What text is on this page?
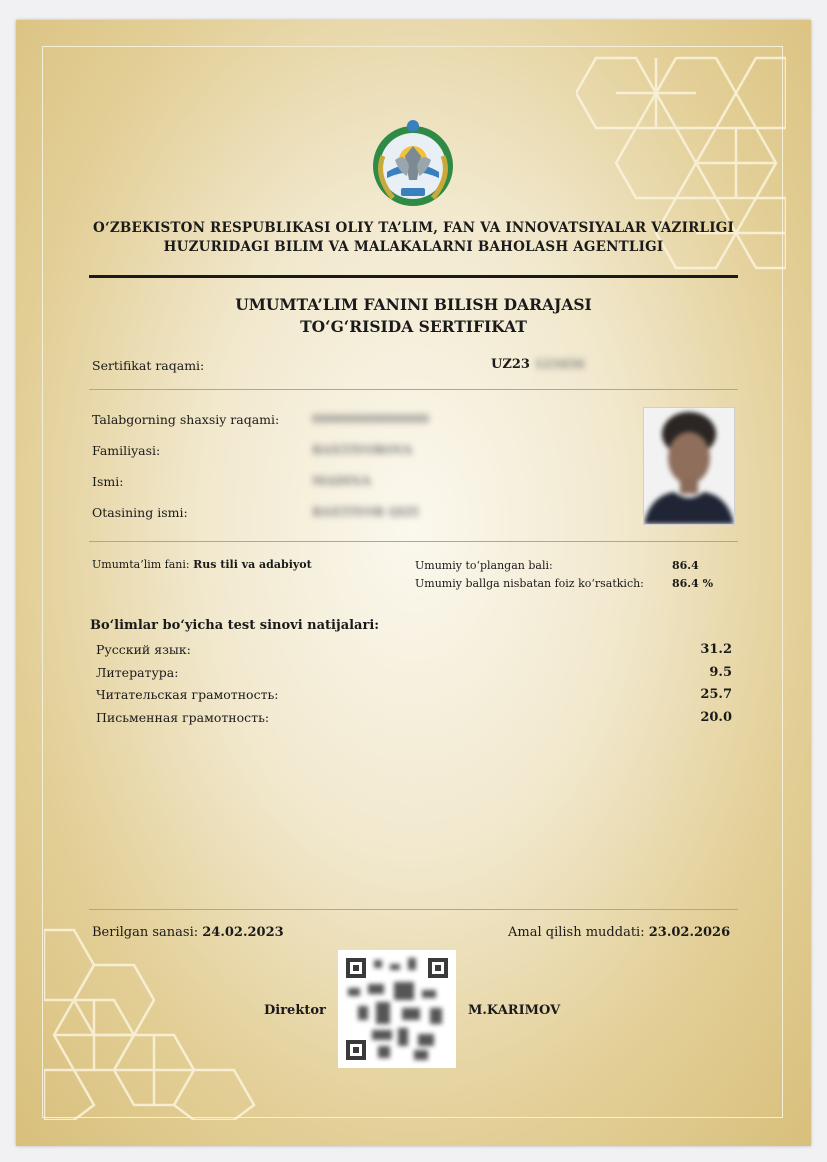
O‘ZBEKISTON RESPUBLIKASI OLIY TA’LIM, FAN VA INNOVATSIYALAR VAZIRLIGI
HUZURIDAGI BILIM VA MALAKALARNI BAHOLASH AGENTLIGI
UMUMTA’LIM FANINI BILISH DARAJASI
TO‘G‘RISIDA SERTIFIKAT
Sertifikat raqami:	UZ23 123456
Talabgorning shaxsiy raqami:	00000000000000
Familiyasi:	BAXTIYOROVA
Ismi:	MADINA
Otasining ismi:	BAXTIYOR QIZI
Umumta’lim fani: Rus tili va adabiyot	Umumiy to‘plangan bali:	86.4
Umumiy ballga nisbatan foiz ko‘rsatkich:	86.4 %
Bo‘limlar bo‘yicha test sinovi natijalari:
Русский язык:	31.2
Литература:	9.5
Читательская грамотность:	25.7
Письменная грамотность:	20.0
Berilgan sanasi: 24.02.2023	Amal qilish muddati: 23.02.2026
Direktor	M.KARIMOV
